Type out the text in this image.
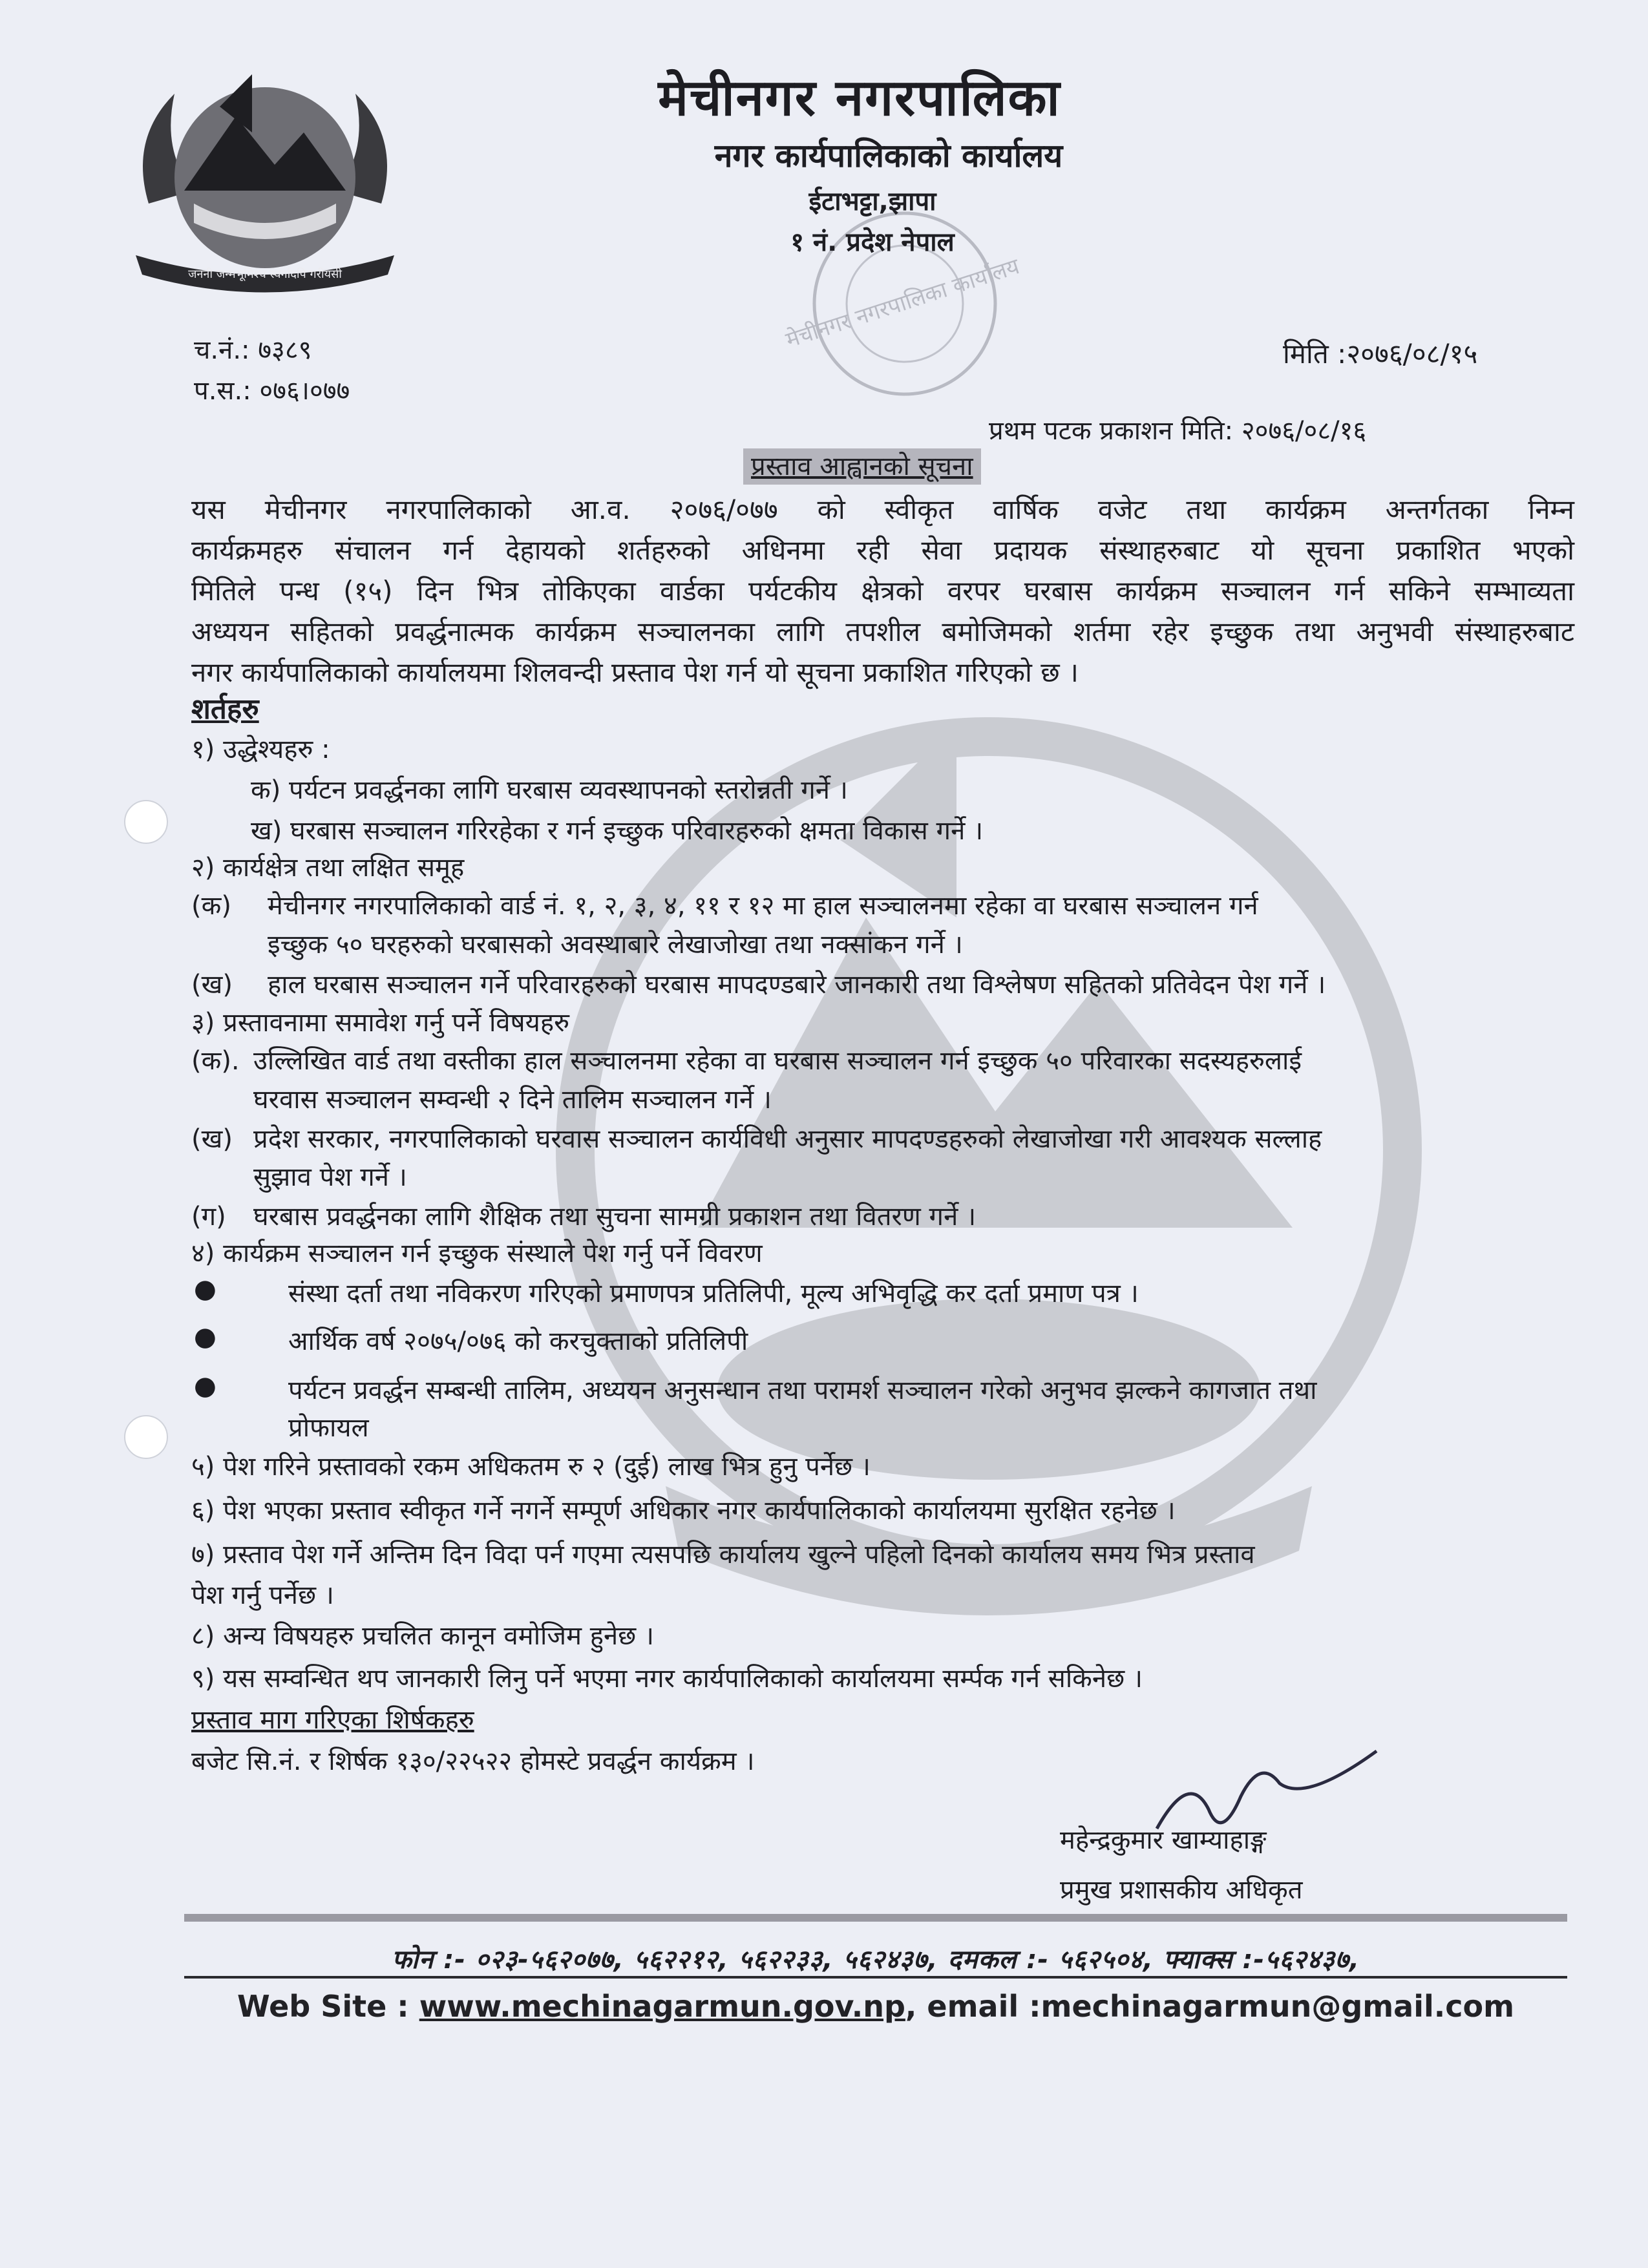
जननी जन्मभूमिश्च स्वर्गादपि गरीयसी	मेचीनगर नगरपालिका कार्यालय
मेचीनगर नगरपालिका
नगर कार्यपालिकाको कार्यालय
ईटाभट्टा,झापा
१ नं. प्रदेश नेपाल
च.नं.: ७३८९
प.स.: ०७६।०७७
मिति :२०७६/०८/१५
प्रथम पटक प्रकाशन मिति: २०७६/०८/१६
प्रस्ताव आह्वानको सूचना
यस मेचीनगर नगरपालिकाको आ.व. २०७६/०७७ को स्वीकृत वार्षिक वजेट तथा कार्यक्रम अन्तर्गतका निम्न
कार्यक्रमहरु संचालन गर्न देहायको शर्तहरुको अधिनमा रही सेवा प्रदायक संस्थाहरुबाट यो सूचना प्रकाशित भएको
मितिले पन्ध (१५) दिन भित्र तोकिएका वार्डका पर्यटकीय क्षेत्रको वरपर घरबास कार्यक्रम सञ्चालन गर्न सकिने सम्भाव्यता
अध्ययन सहितको प्रवर्द्धनात्मक कार्यक्रम सञ्चालनका लागि तपशील बमोजिमको शर्तमा रहेर इच्छुक तथा अनुभवी संस्थाहरुबाट
नगर कार्यपालिकाको कार्यालयमा शिलवन्दी प्रस्ताव पेश गर्न यो सूचना प्रकाशित गरिएको छ ।
शर्तहरु
१) उद्धेश्यहरु :
क) पर्यटन प्रवर्द्धनका लागि घरबास व्यवस्थापनको स्तरोन्नती गर्ने ।
ख) घरबास सञ्चालन गरिरहेका र गर्न इच्छुक परिवारहरुको क्षमता विकास गर्ने ।
२) कार्यक्षेत्र तथा लक्षित समूह
(क) मेचीनगर नगरपालिकाको वार्ड नं. १, २, ३, ४, ११ र १२ मा हाल सञ्चालनमा रहेका वा घरबास सञ्चालन गर्न
इच्छुक ५० घरहरुको घरबासको अवस्थाबारे लेखाजोखा तथा नक्सांकन गर्ने ।
(ख) हाल घरबास सञ्चालन गर्ने परिवारहरुको घरबास मापदण्डबारे जानकारी तथा विश्लेषण सहितको प्रतिवेदन पेश गर्ने ।
३) प्रस्तावनामा समावेश गर्नु पर्ने विषयहरु
(क). उल्लिखित वार्ड तथा वस्तीका हाल सञ्चालनमा रहेका वा घरबास सञ्चालन गर्न इच्छुक ५० परिवारका सदस्यहरुलाई
घरवास सञ्चालन सम्वन्धी २ दिने तालिम सञ्चालन गर्ने ।
(ख) प्रदेश सरकार, नगरपालिकाको घरवास सञ्चालन कार्यविधी अनुसार मापदण्डहरुको लेखाजोखा गरी आवश्यक सल्लाह
सुझाव पेश गर्ने ।
(ग) घरबास प्रवर्द्धनका लागि शैक्षिक तथा सुचना सामग्री प्रकाशन तथा वितरण गर्ने ।
४) कार्यक्रम सञ्चालन गर्न इच्छुक संस्थाले पेश गर्नु पर्ने विवरण
●	संस्था दर्ता तथा नविकरण गरिएको प्रमाणपत्र प्रतिलिपी, मूल्य अभिवृद्धि कर दर्ता प्रमाण पत्र ।
●	आर्थिक वर्ष २०७५/०७६ को करचुक्ताको प्रतिलिपी
●	पर्यटन प्रवर्द्धन सम्बन्धी तालिम, अध्ययन अनुसन्धान तथा परामर्श सञ्चालन गरेको अनुभव झल्कने कागजात तथा
प्रोफायल
५) पेश गरिने प्रस्तावको रकम अधिकतम रु २ (दुई) लाख भित्र हुनु पर्नेछ ।
६) पेश भएका प्रस्ताव स्वीकृत गर्ने नगर्ने सम्पूर्ण अधिकार नगर कार्यपालिकाको कार्यालयमा सुरक्षित रहनेछ ।
७) प्रस्ताव पेश गर्ने अन्तिम दिन विदा पर्न गएमा त्यसपछि कार्यालय खुल्ने पहिलो दिनको कार्यालय समय भित्र प्रस्ताव
पेश गर्नु पर्नेछ ।
८) अन्य विषयहरु प्रचलित कानून वमोजिम हुनेछ ।
९) यस सम्वन्धित थप जानकारी लिनु पर्ने भएमा नगर कार्यपालिकाको कार्यालयमा सर्म्पक गर्न सकिनेछ ।
प्रस्ताव माग गरिएका शिर्षकहरु
बजेट सि.नं. र शिर्षक १३०/२२५२२ होमस्टे प्रवर्द्धन कार्यक्रम ।
महेन्द्रकुमार खाम्याहाङ्ग
प्रमुख प्रशासकीय अधिकृत
फोन :- ०२३-५६२०७७, ५६२२१२, ५६२२३३, ५६२४३७, दमकल :- ५६२५०४, फ्याक्स :-५६२४३७,
Web Site : www.mechinagarmun.gov.np, email :mechinagarmun@gmail.com
